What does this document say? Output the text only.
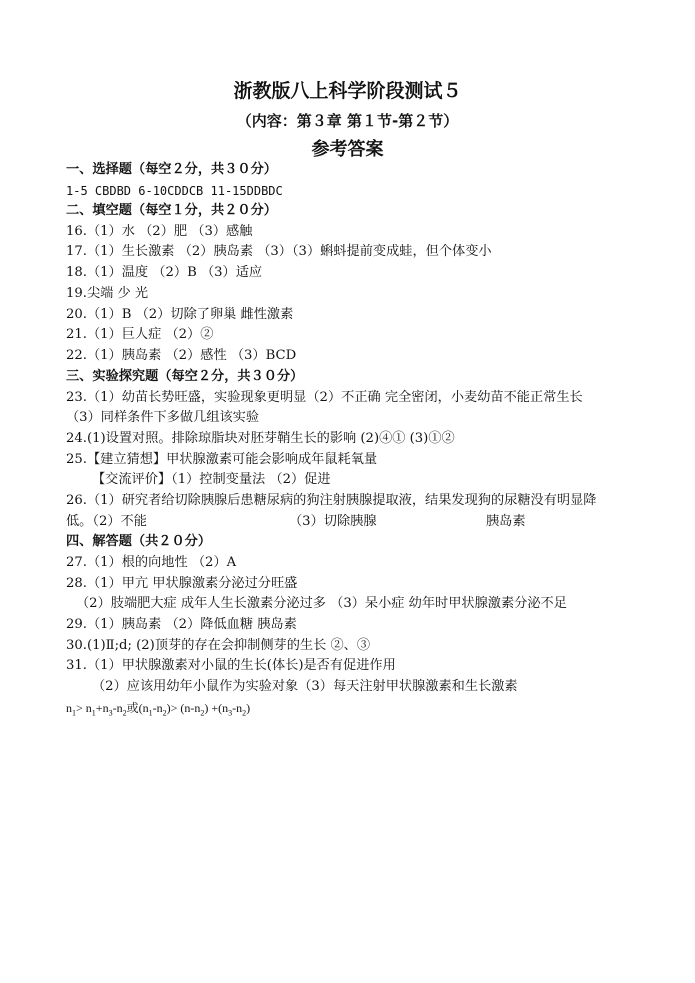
浙教版八上科学阶段测试５
（内容：第３章 第１节-第２节）
参考答案
一、选择题（每空２分，共３０分）
1-5 CBDBD 6-10CDDCB 11-15DDBDC
二、填空题（每空１分，共２０分）
16.（1）水 （2）肥 （3）感触
17.（1）生长激素 （2）胰岛素 （3）（3）蝌蚪提前变成蛙，但个体变小
18.（1）温度 （2）B （3）适应
19.尖端 少 光
20.（1）B （2）切除了卵巢 雌性激素
21.（1）巨人症 （2）②
22.（1）胰岛素 （2）感性 （3）BCD
三、实验探究题（每空２分，共３０分）
23.（1）幼苗长势旺盛，实验现象更明显（2）不正确 完全密闭，小麦幼苗不能正常生长
（3）同样条件下多做几组该实验
24.(1)设置对照。排除琼脂块对胚芽鞘生长的影响 (2)④① (3)①②
25.【建立猜想】甲状腺激素可能会影响成年鼠耗氧量
【交流评价】（1）控制变量法 （2）促进
26.（1）研究者给切除胰腺后患糖尿病的狗注射胰腺提取液，结果发现狗的尿糖没有明显降
低。（2）不能	（3）切除胰腺	胰岛素
四、解答题（共２０分）
27.（1）根的向地性 （2）A
28.（1）甲亢 甲状腺激素分泌过分旺盛
（2）肢端肥大症 成年人生长激素分泌过多 （3）呆小症 幼年时甲状腺激素分泌不足
29.（1）胰岛素 （2）降低血糖 胰岛素
30.(1)Ⅱ;d; (2)顶芽的存在会抑制侧芽的生长 ②、③
31.（1）甲状腺激素对小鼠的生长(体长)是否有促进作用
（2）应该用幼年小鼠作为实验对象（3）每天注射甲状腺激素和生长激素
$n_1> n_1+n_3-n_2$或$(n_1-n_2)> (n-n_2) +(n_3-n_2)$
